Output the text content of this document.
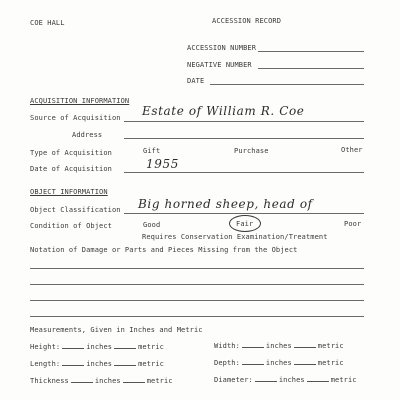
COE HALL	ACCESSION RECORD
ACCESSION NUMBER
NEGATIVE NUMBER
DATE
ACQUISITION INFORMATION
Source of Acquisition Estate of William R. Coe
Address
Type of Acquisition	Gift	Purchase	Other
Date of Acquisition	1955
OBJECT INFORMATION
Object Classification Big horned sheep, head of
Condition of Object	Good	Fair	Poor
Requires Conservation Examination/Treatment
Notation of Damage or Parts and Pieces Missing from the Object
Measurements, Given in Inches and Metric
Height:	inches	metric	Width:	inches	metric
Length:	inches	metric	Depth:	inches	metric
Thickness	inches	metric	Diameter:	inches	metric
